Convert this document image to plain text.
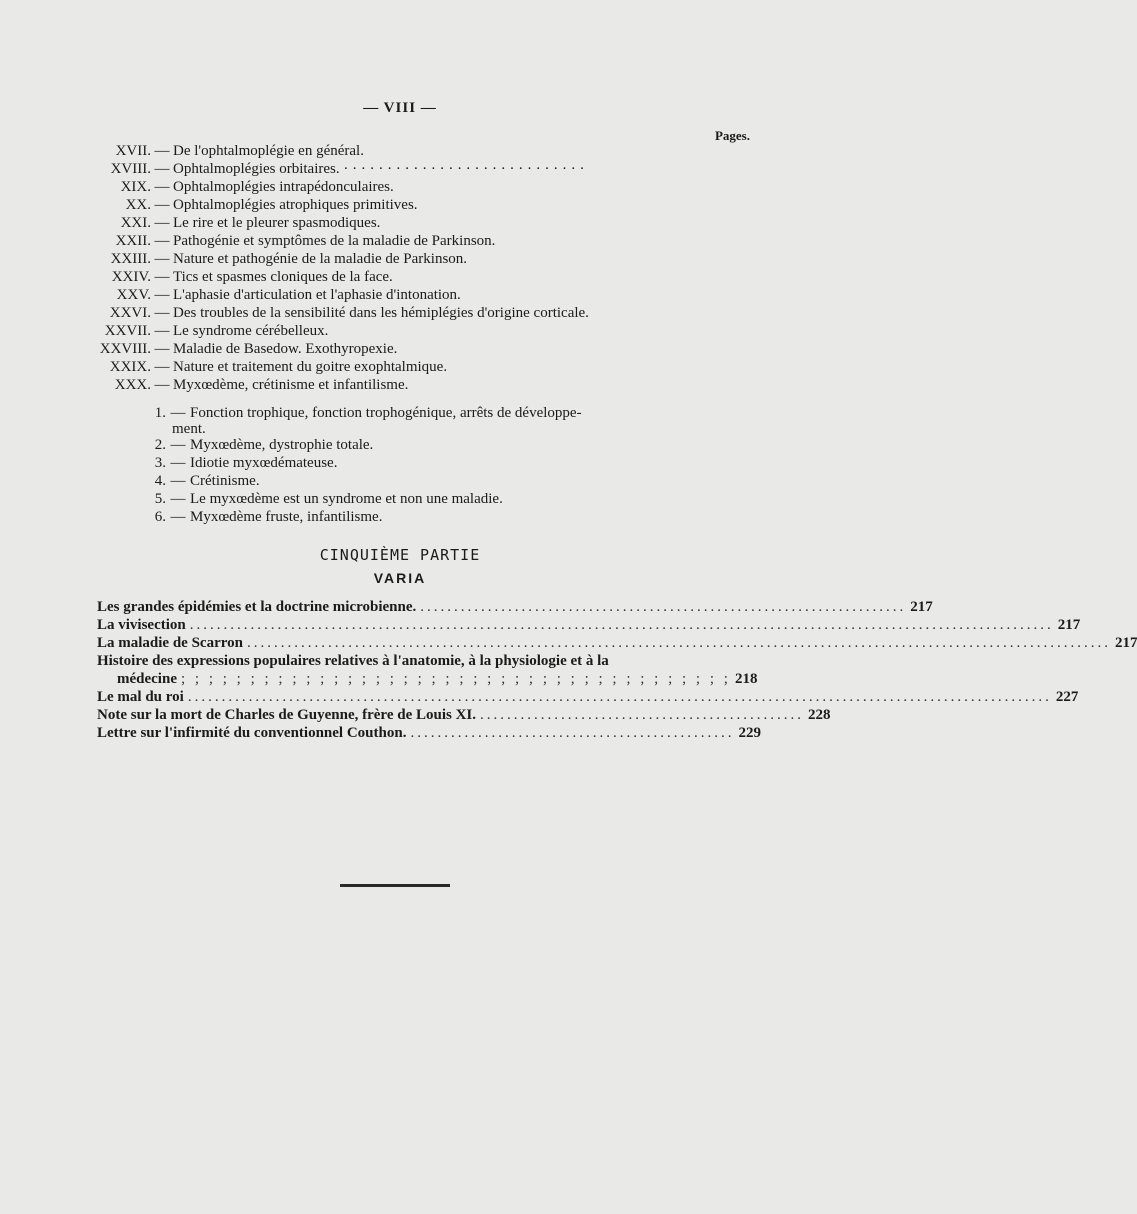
— VIII —
Pages.
XVII. — De l'ophtalmoplégie en général.
XVIII. — Ophtalmoplégies orbitaires. · · · · · · · · · · · · · · · · · · · · · · · · · · · ·
XIX. — Ophtalmoplégies intrapédonculaires.
XX. — Ophtalmoplégies atrophiques primitives.
XXI. — Le rire et le pleurer spasmodiques.
XXII. — Pathogénie et symptômes de la maladie de Parkinson.
XXIII. — Nature et pathogénie de la maladie de Parkinson.
XXIV. — Tics et spasmes cloniques de la face.
XXV. — L'aphasie d'articulation et l'aphasie d'intonation.
XXVI. — Des troubles de la sensibilité dans les hémiplégies d'origine corticale.
XXVII. — Le syndrome cérébelleux.
XXVIII. — Maladie de Basedow. Exothyropexie.
XXIX. — Nature et traitement du goitre exophtalmique.
XXX. — Myxœdème, crétinisme et infantilisme.
1. — Fonction trophique, fonction trophogénique, arrêts de développe-
ment.
2. — Myxœdème, dystrophie totale.
3. — Idiotie myxœdémateuse.
4. — Crétinisme.
5. — Le myxœdème est un syndrome et non une maladie.
6. — Myxœdème fruste, infantilisme.
CINQUIÈME PARTIE
VARIA
Les grandes épidémies et la doctrine microbienne. ........................................................................ 217
La vivisection ................................................................................................................................ 217
La maladie de Scarron ................................................................................................................................ 217
Histoire des expressions populaires relatives à l'anatomie, à la physiologie et à la
médecine ; ; ; ; ; ; ; ; ; ; ; ; ; ; ; ; ; ; ; ; ; ; ; ; ; ; ; ; ; ; ; ; ; ; ; ; ; ; ; ; 218
Le mal du roi ................................................................................................................................ 227
Note sur la mort de Charles de Guyenne, frère de Louis XI. ................................................ 228
Lettre sur l'infirmité du conventionnel Couthon. ................................................ 229
